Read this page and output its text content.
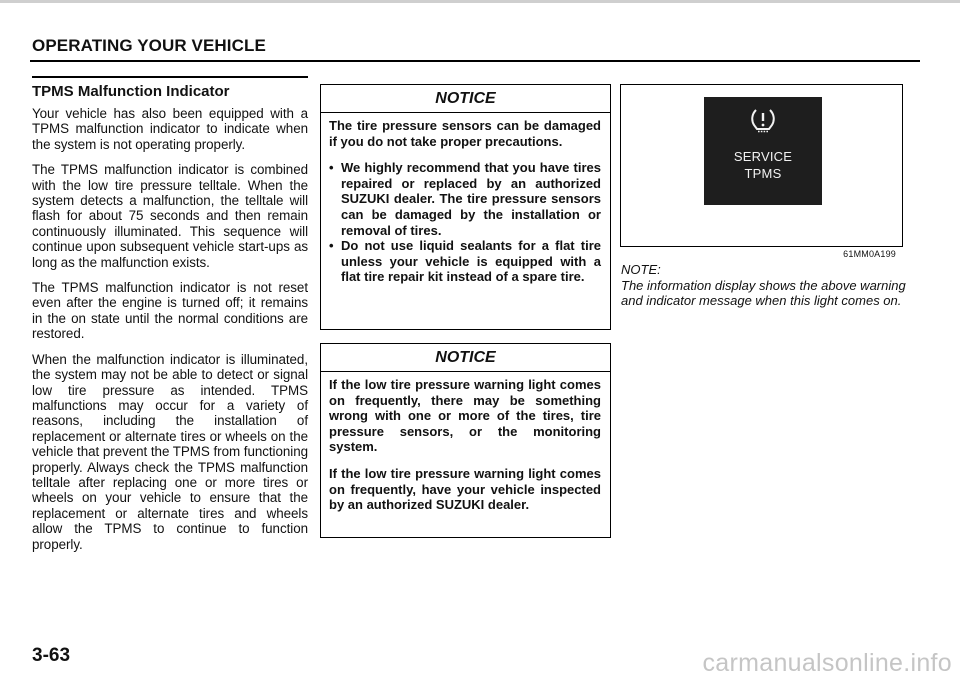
OPERATING YOUR VEHICLE
TPMS Malfunction Indicator

Your vehicle has also been equipped with a TPMS malfunction indicator to indicate when the system is not operating properly.

The TPMS malfunction indicator is combined with the low tire pressure telltale. When the system detects a malfunction, the telltale will flash for about 75 seconds and then remain continuously illuminated. This sequence will continue upon subsequent vehicle start-ups as long as the malfunction exists.

The TPMS malfunction indicator is not reset even after the engine is turned off; it remains in the on state until the normal conditions are restored.

When the malfunction indicator is illuminated, the system may not be able to detect or signal low tire pressure as intended. TPMS malfunctions may occur for a variety of reasons, including the installation of replacement or alternate tires or wheels on the vehicle that prevent the TPMS from functioning properly. Always check the TPMS malfunction telltale after replacing one or more tires or wheels on your vehicle to ensure that the replacement or alternate tires and wheels allow the TPMS to continue to function properly.

NOTICE

The tire pressure sensors can be damaged if you do not take proper precautions.

• We highly recommend that you have tires repaired or replaced by an authorized SUZUKI dealer. The tire pressure sensors can be damaged by the installation or removal of tires.
• Do not use liquid sealants for a flat tire unless your vehicle is equipped with a flat tire repair kit instead of a spare tire.
NOTICE

If the low tire pressure warning light comes on frequently, there may be something wrong with one or more of the tires, tire pressure sensors, or the monitoring system.

If the low tire pressure warning light comes on frequently, have your vehicle inspected by an authorized SUZUKI dealer.

SERVICE
TPMS
61MM0A199

NOTE:

The information display shows the above warning and indicator message when this light comes on.

3-63	carmanualsonline.info
